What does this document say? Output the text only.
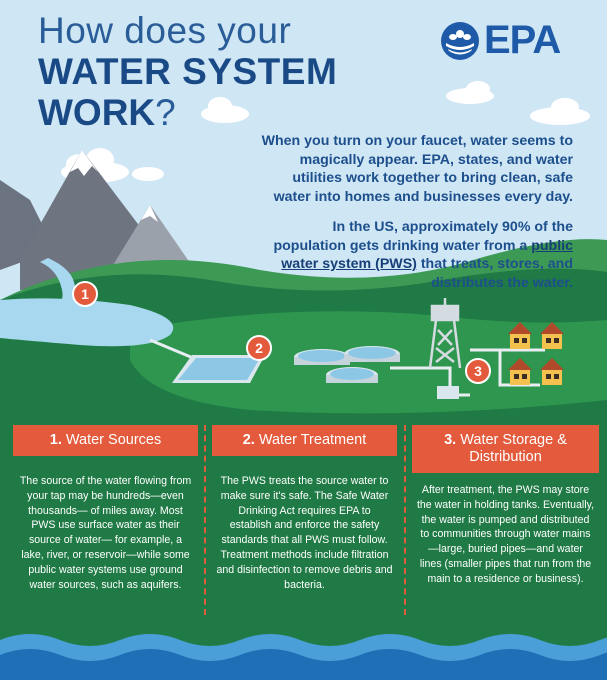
1
2
3
How does your
WATER SYSTEM
WORK?
EPA

When you turn on your faucet, water seems to magically appear. EPA, states, and water utilities work together to bring clean, safe water into homes and businesses every day.

In the US, approximately 90% of the population gets drinking water from a public water system (PWS) that treats, stores, and distributes the water.

1. Water Sources
The source of the water flowing from your tap may be hundreds—even thousands— of miles away. Most PWS use surface water as their source of water— for example, a lake, river, or reservoir—while some public water systems use ground water sources, such as aquifers.
2. Water Treatment
The PWS treats the source water to make sure it's safe. The Safe Water Drinking Act requires EPA to establish and enforce the safety standards that all PWS must follow. Treatment methods include filtration and disinfection to remove debris and bacteria.
3. Water Storage & Distribution
After treatment, the PWS may store the water in holding tanks. Eventually, the water is pumped and distributed to communities through water mains—large, buried pipes—and water lines (smaller pipes that run from the main to a residence or business).
